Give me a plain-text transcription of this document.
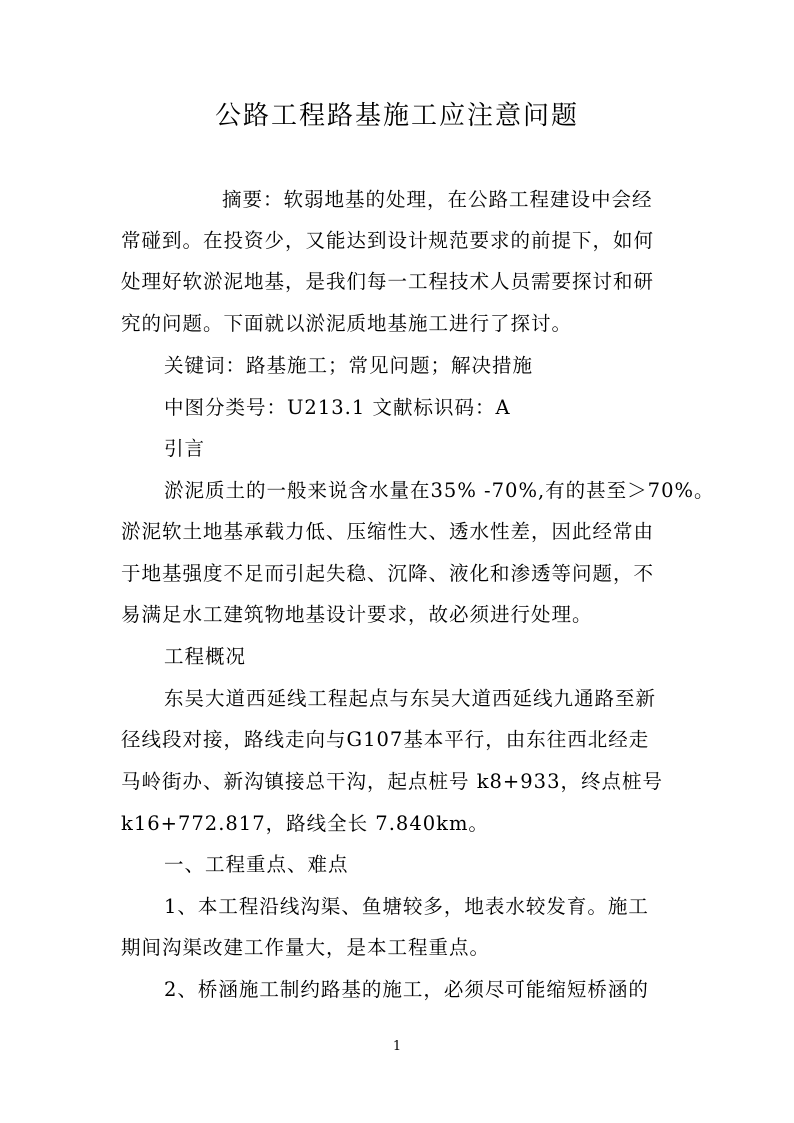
公路工程路基施工应注意问题
摘要：软弱地基的处理，在公路工程建设中会经
常碰到。在投资少，又能达到设计规范要求的前提下，如何
处理好软淤泥地基，是我们每一工程技术人员需要探讨和研
究的问题。下面就以淤泥质地基施工进行了探讨。
关键词：路基施工；常见问题；解决措施
中图分类号：U213.1 文献标识码：A
引言
淤泥质土的一般来说含水量在35% -70%,有的甚至＞70%。
淤泥软土地基承载力低、压缩性大、透水性差，因此经常由
于地基强度不足而引起失稳、沉降、液化和渗透等问题，不
易满足水工建筑物地基设计要求，故必须进行处理。
工程概况
东吴大道西延线工程起点与东吴大道西延线九通路至新
径线段对接，路线走向与G107基本平行，由东往西北经走
马岭街办、新沟镇接总干沟，起点桩号 k8+933，终点桩号
k16+772.817，路线全长 7.840km。
一、工程重点、难点
1、本工程沿线沟渠、鱼塘较多，地表水较发育。施工
期间沟渠改建工作量大，是本工程重点。
2、桥涵施工制约路基的施工，必须尽可能缩短桥涵的
1
